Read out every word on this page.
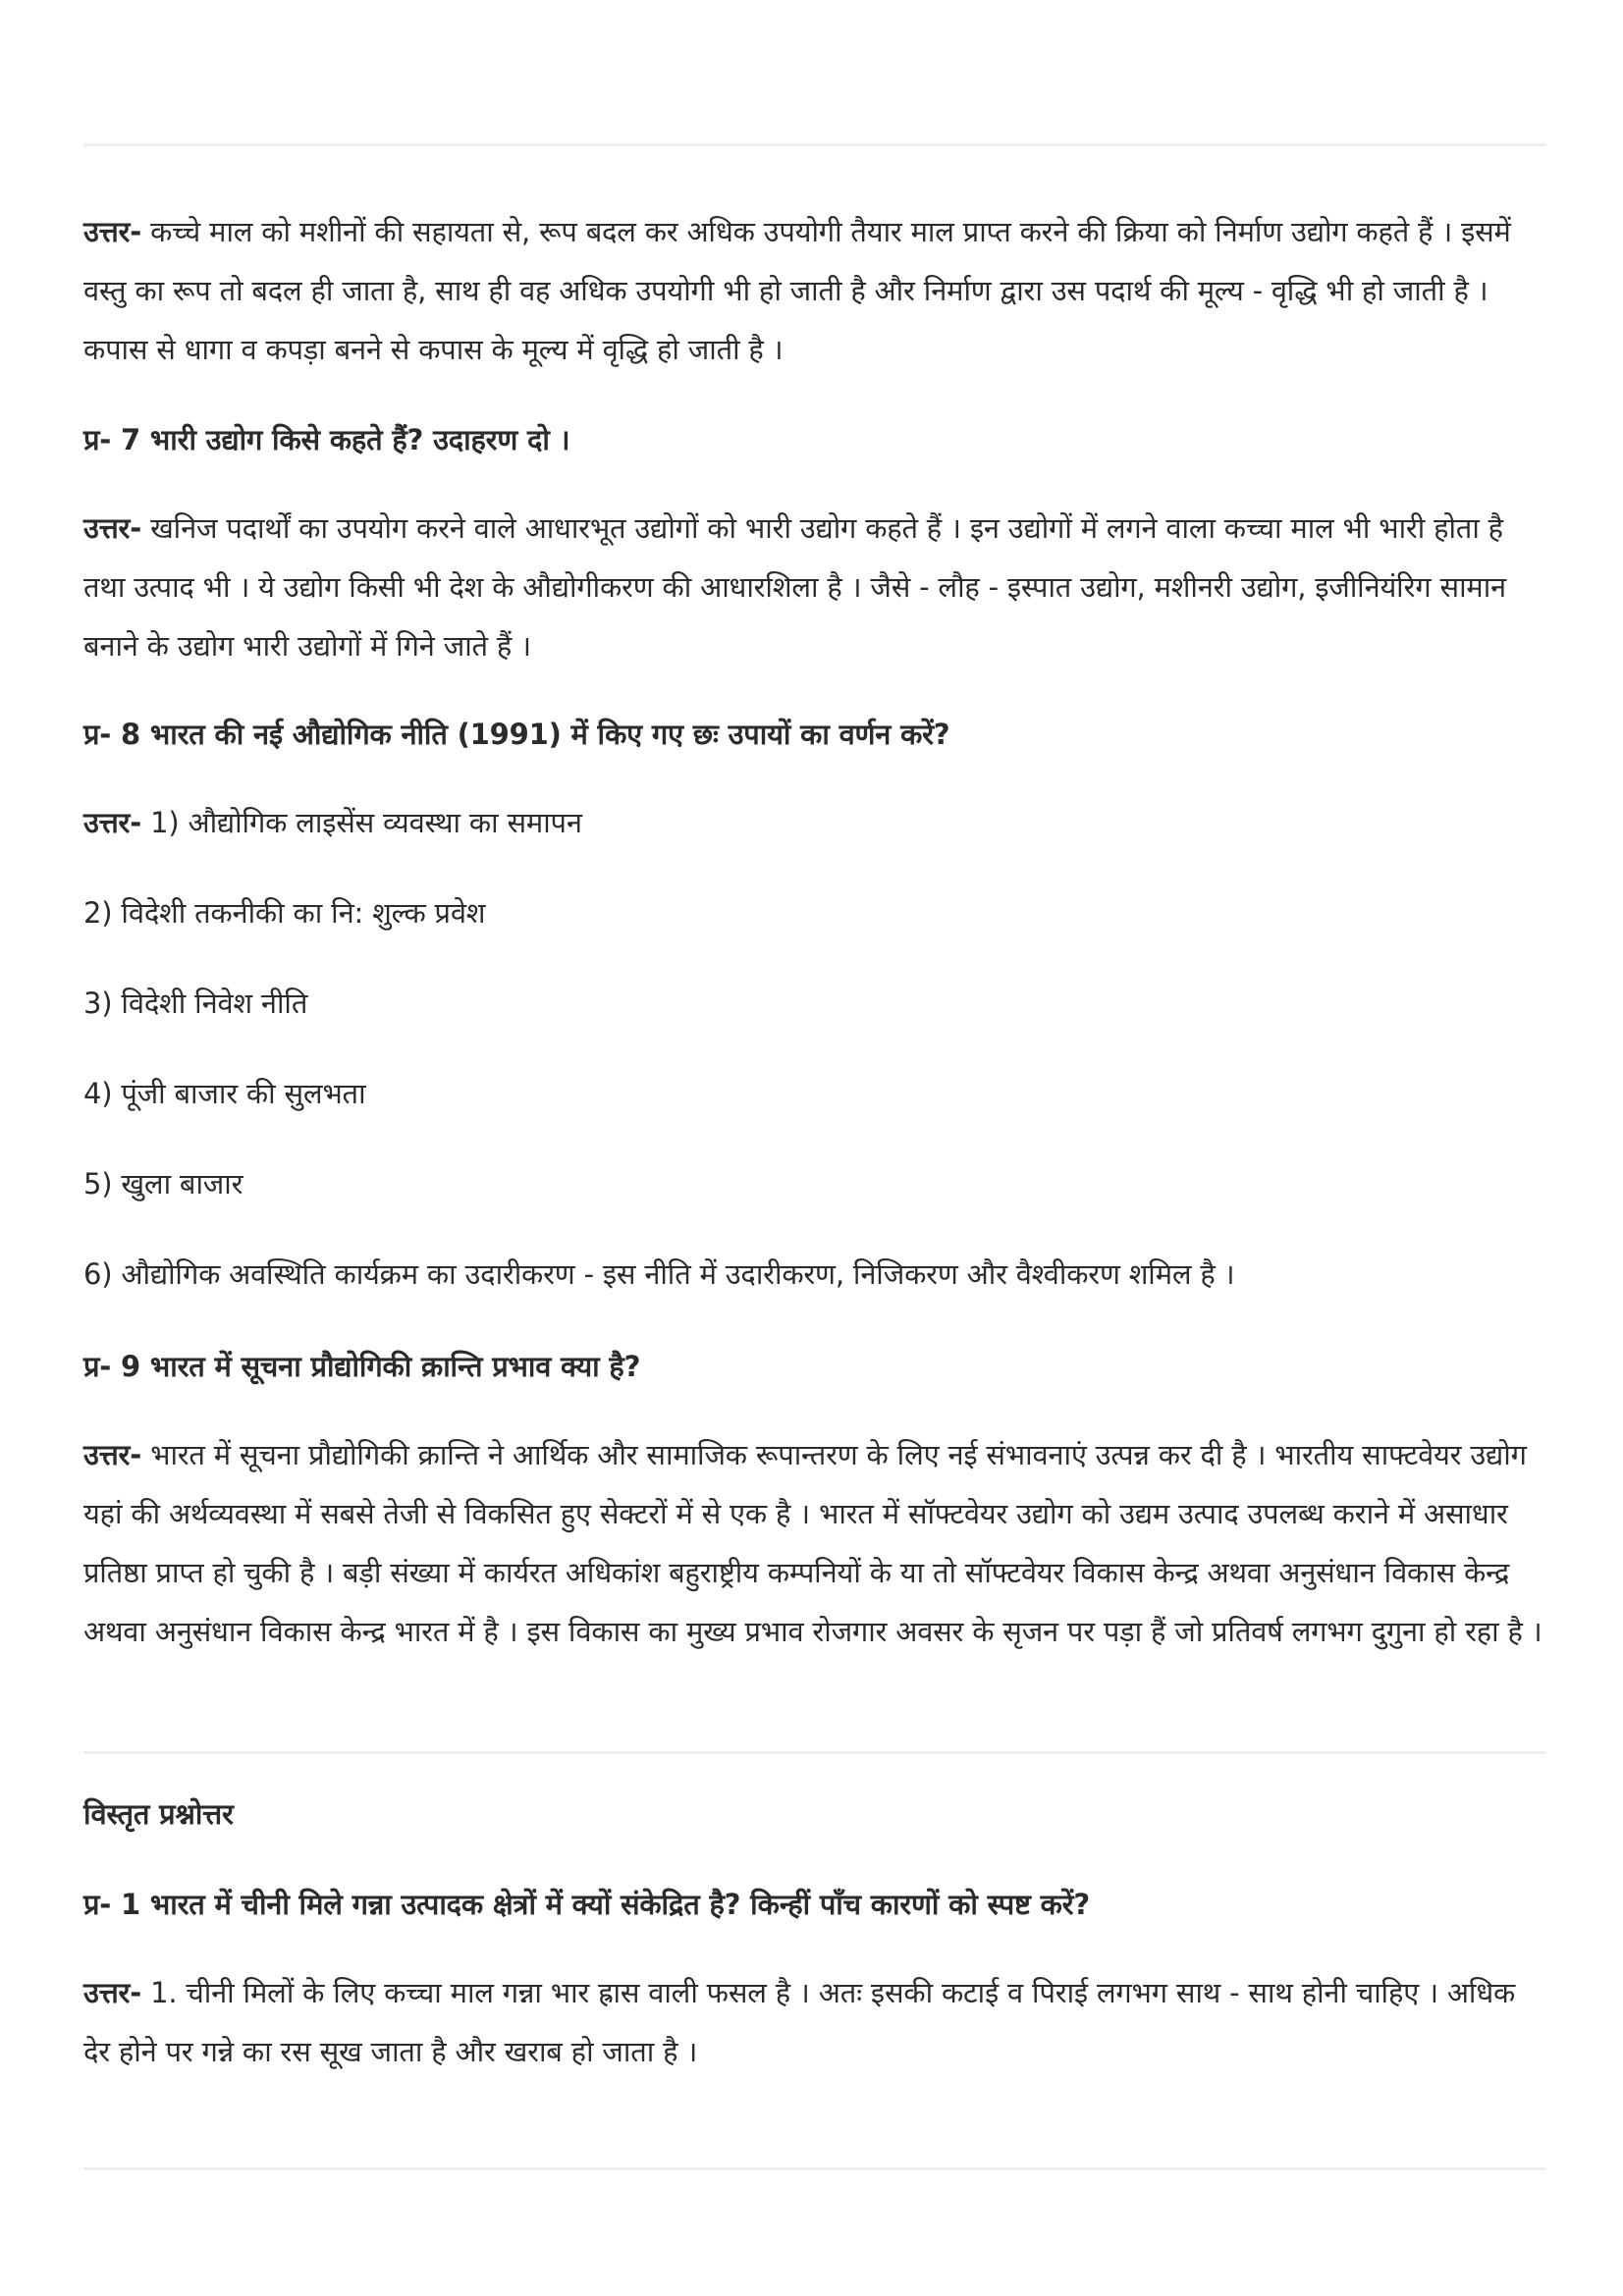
उत्तर- कच्चे माल को मशीनों की सहायता से, रूप बदल कर अधिक उपयोगी तैयार माल प्राप्त करने की क्रिया को निर्माण उद्योग कहते हैं । इसमें वस्तु का रूप तो बदल ही जाता है, साथ ही वह अधिक उपयोगी भी हो जाती है और निर्माण द्वारा उस पदार्थ की मूल्य - वृद्धि भी हो जाती है । कपास से धागा व कपड़ा बनने से कपास के मूल्य में वृद्धि हो जाती है ।

प्र- 7 भारी उद्योग किसे कहते हैं? उदाहरण दो ।

उत्तर- खनिज पदार्थों का उपयोग करने वाले आधारभूत उद्योगों को भारी उद्योग कहते हैं । इन उद्योगों में लगने वाला कच्चा माल भी भारी होता है तथा उत्पाद भी । ये उद्योग किसी भी देश के औद्योगीकरण की आधारशिला है । जैसे - लौह - इस्पात उद्योग, मशीनरी उद्योग, इजीनियंरिग सामान बनाने के उद्योग भारी उद्योगों में गिने जाते हैं ।

प्र- 8 भारत की नई औद्योगिक नीति (1991) में किए गए छः उपायों का वर्णन करें?

उत्तर- 1) औद्योगिक लाइसेंस व्यवस्था का समापन

2) विदेशी तकनीकी का नि: शुल्क प्रवेश

3) विदेशी निवेश नीति

4) पूंजी बाजार की सुलभता

5) खुला बाजार

6) औद्योगिक अवस्थिति कार्यक्रम का उदारीकरण - इस नीति में उदारीकरण, निजिकरण और वैश्वीकरण शमिल है ।

प्र- 9 भारत में सूचना प्रौद्योगिकी क्रान्ति प्रभाव क्या है?

उत्तर- भारत में सूचना प्रौद्योगिकी क्रान्ति ने आर्थिक और सामाजिक रूपान्तरण के लिए नई संभावनाएं उत्पन्न कर दी है । भारतीय साफ्टवेयर उद्योग यहां की अर्थव्यवस्था में सबसे तेजी से विकसित हुए सेक्टरों में से एक है । भारत में सॉफ्टवेयर उद्योग को उद्यम उत्पाद उपलब्ध कराने में असाधार प्रतिष्ठा प्राप्त हो चुकी है । बड़ी संख्या में कार्यरत अधिकांश बहुराष्ट्रीय कम्पनियों के या तो सॉफ्टवेयर विकास केन्द्र अथवा अनुसंधान विकास केन्द्र अथवा अनुसंधान विकास केन्द्र भारत में है । इस विकास का मुख्य प्रभाव रोजगार अवसर के सृजन पर पड़ा हैं जो प्रतिवर्ष लगभग दुगुना हो रहा है ।

विस्तृत प्रश्नोत्तर

प्र- 1 भारत में चीनी मिले गन्ना उत्पादक क्षेत्रों में क्यों संकेद्रित है? किन्हीं पाँच कारणों को स्पष्ट करें?

उत्तर- 1. चीनी मिलों के लिए कच्चा माल गन्ना भार ह्रास वाली फसल है । अतः इसकी कटाई व पिराई लगभग साथ - साथ होनी चाहिए । अधिक देर होने पर गन्ने का रस सूख जाता है और खराब हो जाता है ।
